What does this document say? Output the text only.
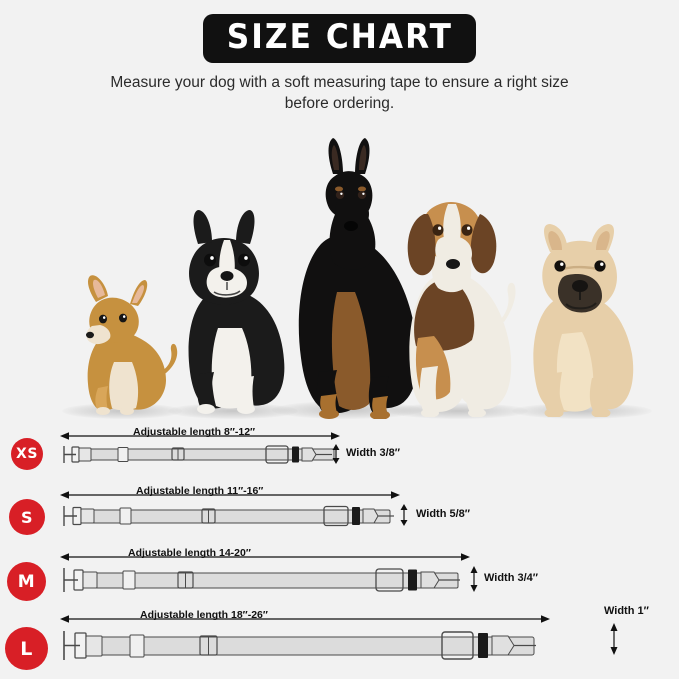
SIZE CHART
Measure your dog with a soft measuring tape to ensure a right size before ordering.
XS
Adjustable length 8″-12″
Width 3/8″
S
Adjustable length 11″-16″
Width 5/8″
M
Adjustable length 14-20″
Width 3/4″
L
Adjustable length 18″-26″	Width 1″
